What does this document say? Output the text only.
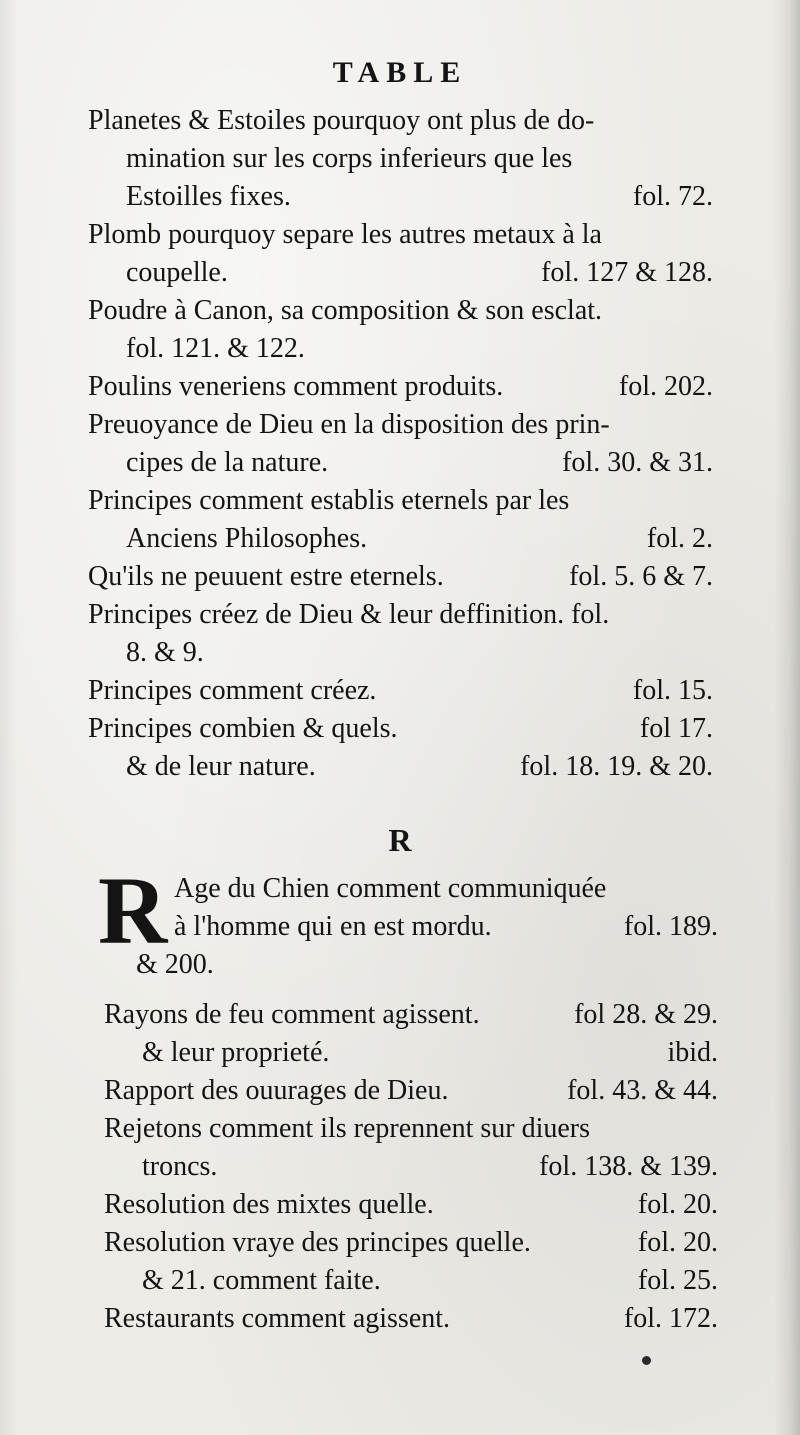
TABLE
Planetes & Estoiles pourquoy ont plus de do-
mination sur les corps inferieurs que les
Estoilles fixes.	fol. 72.
Plomb pourquoy separe les autres metaux à la
coupelle.	fol. 127 & 128.
Poudre à Canon, sa composition & son esclat.
fol. 121. & 122.
Poulins veneriens comment produits.	fol. 202.
Preuoyance de Dieu en la disposition des prin-
cipes de la nature.	fol. 30. & 31.
Principes comment establis eternels par les
Anciens Philosophes.	fol. 2.
Qu'ils ne peuuent estre eternels.	fol. 5. 6 & 7.
Principes créez de Dieu & leur deffinition. fol.
8. & 9.
Principes comment créez.	fol. 15.
Principes combien & quels.	fol 17.
& de leur nature.	fol. 18. 19. & 20.
R
R Age du Chien comment communiquée
à l'homme qui en est mordu.	fol. 189.
& 200.
Rayons de feu comment agissent.	fol 28. & 29.
& leur proprieté.	ibid.
Rapport des ouurages de Dieu.	fol. 43. & 44.
Rejetons comment ils reprennent sur diuers
troncs.	fol. 138. & 139.
Resolution des mixtes quelle.	fol. 20.
Resolution vraye des principes quelle.	fol. 20.
& 21. comment faite.	fol. 25.
Restaurants comment agissent.	fol. 172.
